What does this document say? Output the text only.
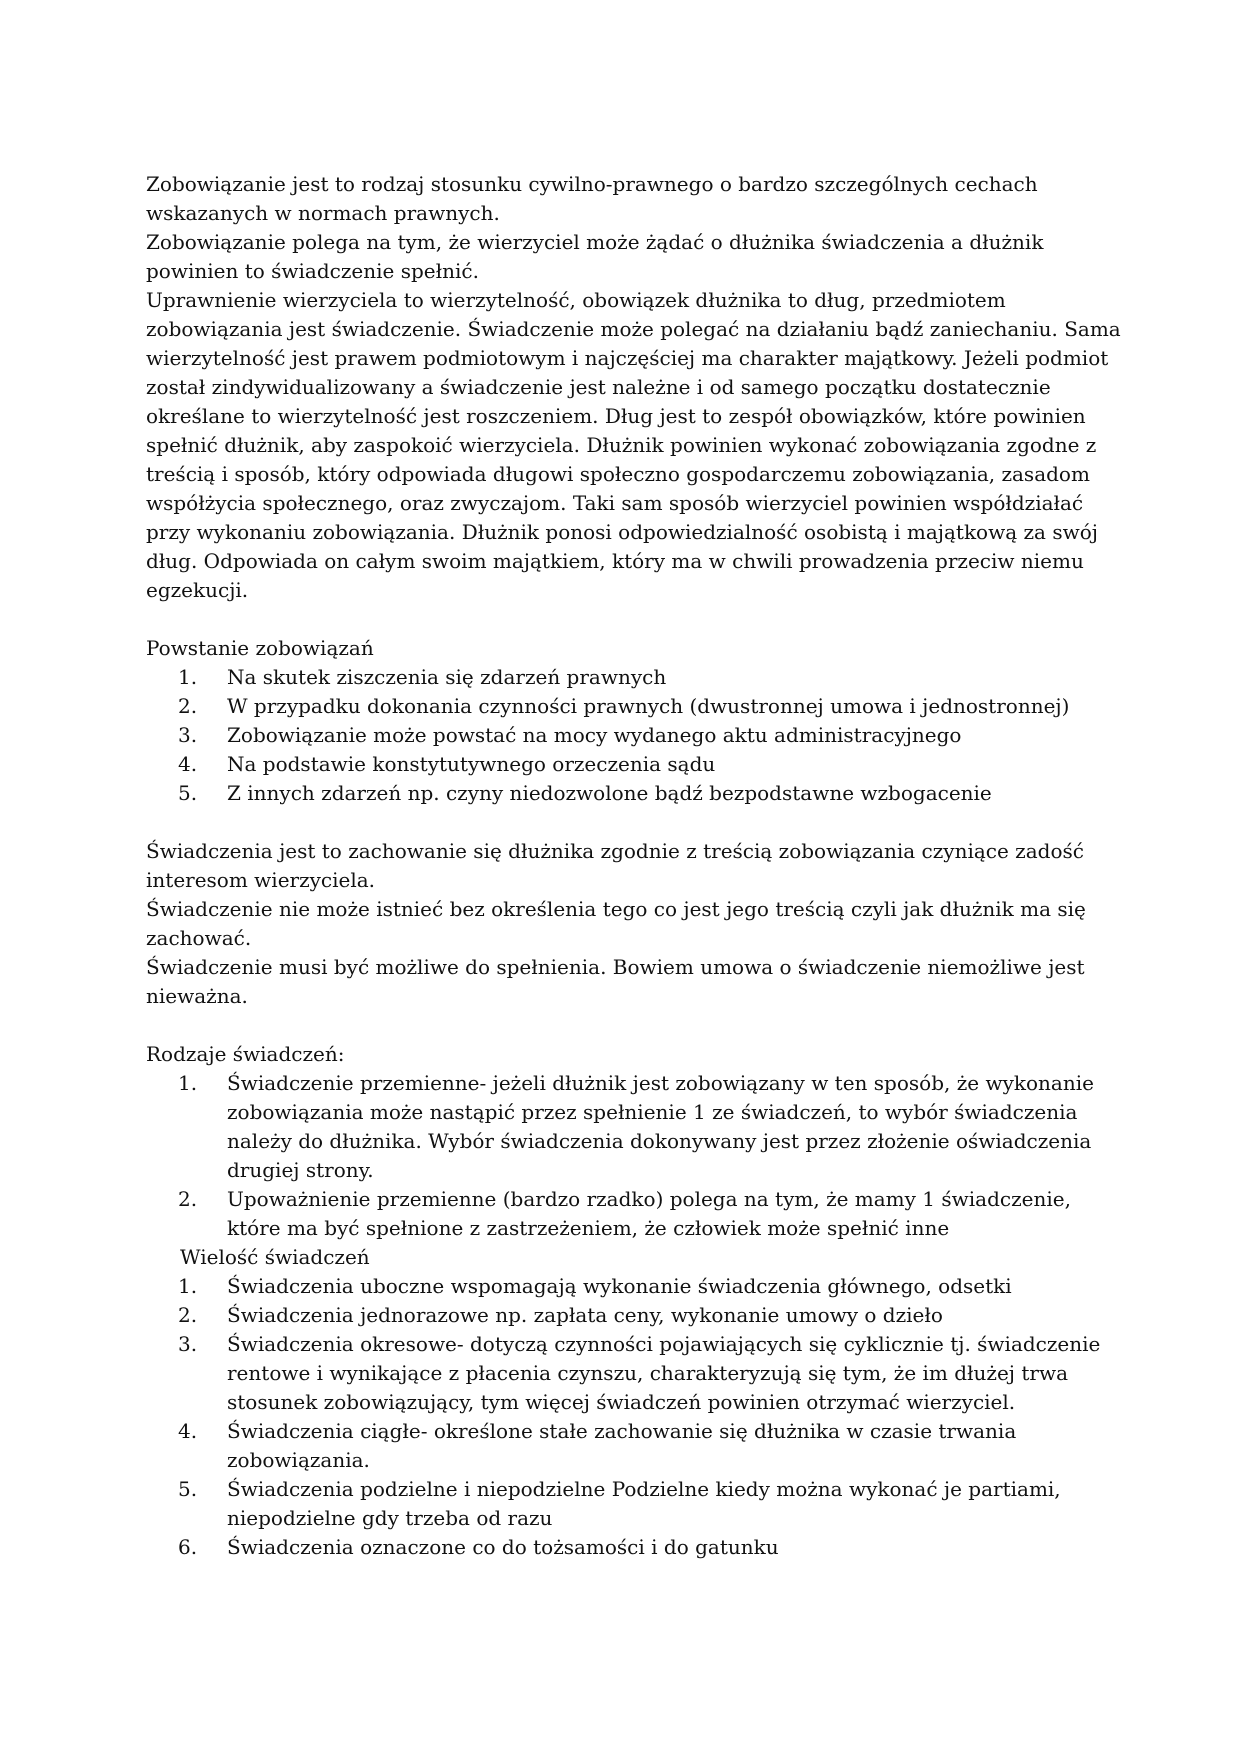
Zobowiązanie jest to rodzaj stosunku cywilno-prawnego o bardzo szczególnych cechach wskazanych w normach prawnych.

Zobowiązanie polega na tym, że wierzyciel może żądać o dłużnika świadczenia a dłużnik powinien to świadczenie spełnić.

Uprawnienie wierzyciela to wierzytelność, obowiązek dłużnika to dług, przedmiotem zobowiązania jest świadczenie. Świadczenie może polegać na działaniu bądź zaniechaniu. Sama wierzytelność jest prawem podmiotowym i najczęściej ma charakter majątkowy. Jeżeli podmiot został zindywidualizowany a świadczenie jest należne i od samego początku dostatecznie określane to wierzytelność jest roszczeniem. Dług jest to zespół obowiązków, które powinien spełnić dłużnik, aby zaspokoić wierzyciela. Dłużnik powinien wykonać zobowiązania zgodne z treścią i sposób, który odpowiada długowi społeczno gospodarczemu zobowiązania, zasadom współżycia społecznego, oraz zwyczajom. Taki sam sposób wierzyciel powinien współdziałać przy wykonaniu zobowiązania. Dłużnik ponosi odpowiedzialność osobistą i majątkową za swój dług. Odpowiada on całym swoim majątkiem, który ma w chwili prowadzenia przeciw niemu egzekucji.

Powstanie zobowiązań

Na skutek ziszczenia się zdarzeń prawnych
W przypadku dokonania czynności prawnych (dwustronnej umowa i jednostronnej)
Zobowiązanie może powstać na mocy wydanego aktu administracyjnego
Na podstawie konstytutywnego orzeczenia sądu
Z innych zdarzeń np. czyny niedozwolone bądź bezpodstawne wzbogacenie

Świadczenia jest to zachowanie się dłużnika zgodnie z treścią zobowiązania czyniące zadość interesom wierzyciela.

Świadczenie nie może istnieć bez określenia tego co jest jego treścią czyli jak dłużnik ma się zachować.

Świadczenie musi być możliwe do spełnienia. Bowiem umowa o świadczenie niemożliwe jest nieważna.

Rodzaje świadczeń:

Świadczenie przemienne- jeżeli dłużnik jest zobowiązany w ten sposób, że wykonanie zobowiązania może nastąpić przez spełnienie 1 ze świadczeń, to wybór świadczenia należy do dłużnika. Wybór świadczenia dokonywany jest przez złożenie oświadczenia drugiej strony.
Upoważnienie przemienne (bardzo rzadko) polega na tym, że mamy 1 świadczenie, które ma być spełnione z zastrzeżeniem, że człowiek może spełnić inne

Wielość świadczeń

Świadczenia uboczne wspomagają wykonanie świadczenia głównego, odsetki
Świadczenia jednorazowe np. zapłata ceny, wykonanie umowy o dzieło
Świadczenia okresowe- dotyczą czynności pojawiających się cyklicznie tj. świadczenie rentowe i wynikające z płacenia czynszu, charakteryzują się tym, że im dłużej trwa stosunek zobowiązujący, tym więcej świadczeń powinien otrzymać wierzyciel.
Świadczenia ciągłe- określone stałe zachowanie się dłużnika w czasie trwania zobowiązania.
Świadczenia podzielne i niepodzielne Podzielne kiedy można wykonać je partiami, niepodzielne gdy trzeba od razu
Świadczenia oznaczone co do tożsamości i do gatunku
